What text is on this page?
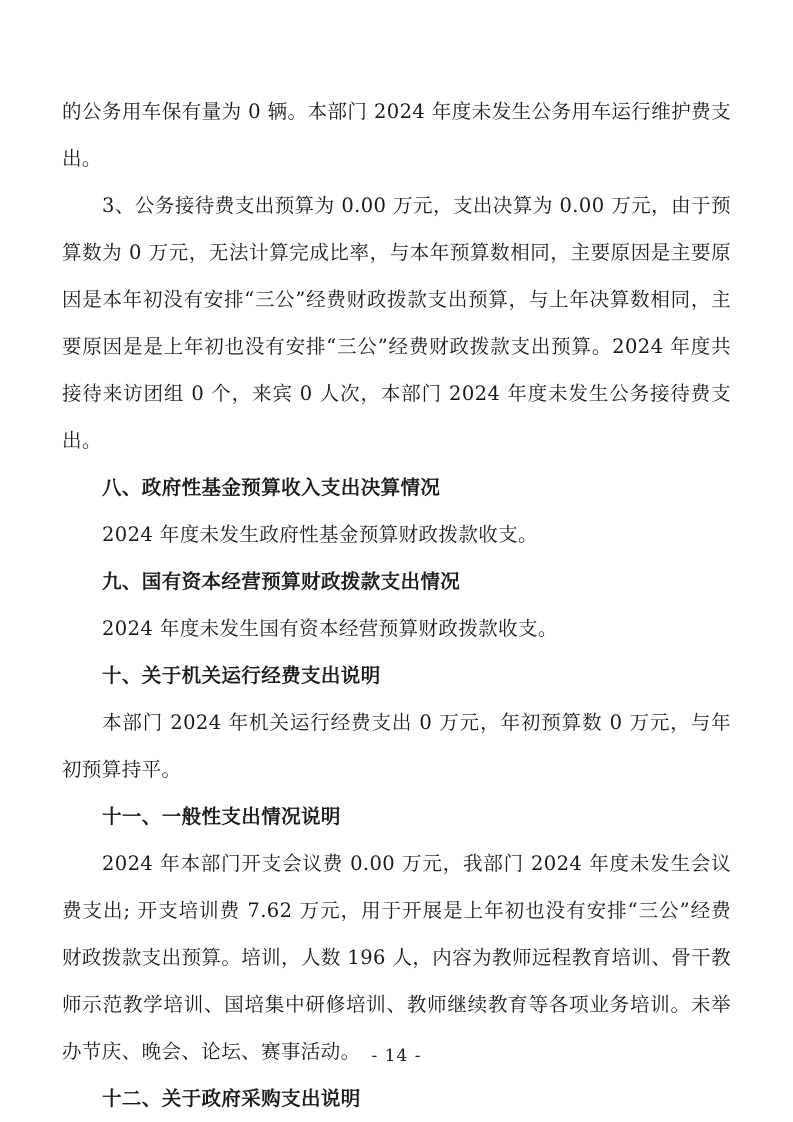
的公务用车保有量为 0 辆。本部门 2024 年度未发生公务用车运行维护费支出。

3、公务接待费支出预算为 0.00 万元，支出决算为 0.00 万元，由于预算数为 0 万元，无法计算完成比率，与本年预算数相同，主要原因是主要原因是本年初没有安排“三公”经费财政拨款支出预算，与上年决算数相同，主要原因是是上年初也没有安排“三公”经费财政拨款支出预算。2024 年度共接待来访团组 0 个，来宾 0 人次，本部门 2024 年度未发生公务接待费支出。

八、政府性基金预算收入支出决算情况

2024 年度未发生政府性基金预算财政拨款收支。

九、国有资本经营预算财政拨款支出情况

2024 年度未发生国有资本经营预算财政拨款收支。

十、关于机关运行经费支出说明

本部门 2024 年机关运行经费支出 0 万元，年初预算数 0 万元，与年初预算持平。

十一、一般性支出情况说明

2024 年本部门开支会议费 0.00 万元，我部门 2024 年度未发生会议费支出; 开支培训费 7.62 万元，用于开展是上年初也没有安排“三公”经费财政拨款支出预算。培训，人数 196 人，内容为教师远程教育培训、骨干教师示范教学培训、国培集中研修培训、教师继续教育等各项业务培训。未举办节庆、晚会、论坛、赛事活动。

十二、关于政府采购支出说明
- 14 -
